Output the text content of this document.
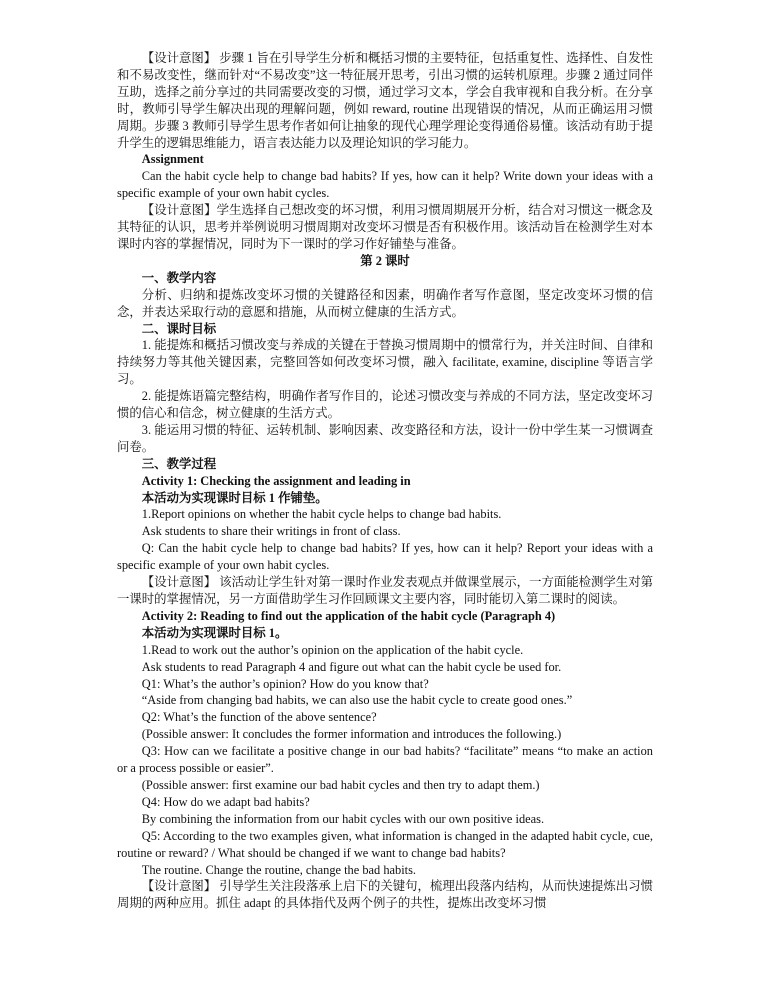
【设计意图】 步骤 1 旨在引导学生分析和概括习惯的主要特征，包括重复性、选择性、自发性和不易改变性，继而针对“不易改变”这一特征展开思考，引出习惯的运转机原理。步骤 2 通过同伴互助，选择之前分享过的共同需要改变的习惯，通过学习文本，学会自我审视和自我分析。在分享时，教师引导学生解决出现的理解问题，例如 reward, routine 出现错误的情况，从而正确运用习惯周期。步骤 3 教师引导学生思考作者如何让抽象的现代心理学理论变得通俗易懂。该活动有助于提升学生的逻辑思维能力，语言表达能力以及理论知识的学习能力。

Assignment

Can the habit cycle help to change bad habits? If yes, how can it help? Write down your ideas with a specific example of your own habit cycles.

【设计意图】学生选择自己想改变的坏习惯，利用习惯周期展开分析，结合对习惯这一概念及其特征的认识，思考并举例说明习惯周期对改变坏习惯是否有积极作用。该活动旨在检测学生对本课时内容的掌握情况，同时为下一课时的学习作好铺垫与准备。

第 2 课时

一、教学内容

分析、归纳和提炼改变坏习惯的关键路径和因素，明确作者写作意图，坚定改变坏习惯的信念，并表达采取行动的意愿和措施，从而树立健康的生活方式。

二、课时目标

1. 能提炼和概括习惯改变与养成的关键在于替换习惯周期中的惯常行为，并关注时间、自律和持续努力等其他关键因素，完整回答如何改变坏习惯，融入 facilitate, examine, discipline 等语言学习。

2. 能提炼语篇完整结构，明确作者写作目的，论述习惯改变与养成的不同方法，坚定改变坏习惯的信心和信念，树立健康的生活方式。

3. 能运用习惯的特征、运转机制、影响因素、改变路径和方法，设计一份中学生某一习惯调查问卷。

三、教学过程

Activity 1: Checking the assignment and leading in

本活动为实现课时目标 1 作铺垫。

1.Report opinions on whether the habit cycle helps to change bad habits.

Ask students to share their writings in front of class.

Q: Can the habit cycle help to change bad habits? If yes, how can it help? Report your ideas with a specific example of your own habit cycles.

【设计意图】 该活动让学生针对第一课时作业发表观点并做课堂展示，一方面能检测学生对第一课时的掌握情况，另一方面借助学生习作回顾课文主要内容，同时能切入第二课时的阅读。

Activity 2: Reading to find out the application of the habit cycle (Paragraph 4)

本活动为实现课时目标 1。

1.Read to work out the author’s opinion on the application of the habit cycle.

Ask students to read Paragraph 4 and figure out what can the habit cycle be used for.

Q1: What’s the author’s opinion? How do you know that?

“Aside from changing bad habits, we can also use the habit cycle to create good ones.”

Q2: What’s the function of the above sentence?

(Possible answer: It concludes the former information and introduces the following.)

Q3: How can we facilitate a positive change in our bad habits? “facilitate” means “to make an action or a process possible or easier”.

(Possible answer: first examine our bad habit cycles and then try to adapt them.)

Q4: How do we adapt bad habits?

By combining the information from our habit cycles with our own positive ideas.

Q5: According to the two examples given, what information is changed in the adapted habit cycle, cue, routine or reward? / What should be changed if we want to change bad habits?

The routine. Change the routine, change the bad habits.

【设计意图】 引导学生关注段落承上启下的关键句，梳理出段落内结构，从而快速提炼出习惯周期的两种应用。抓住 adapt 的具体指代及两个例子的共性，提炼出改变坏习惯
